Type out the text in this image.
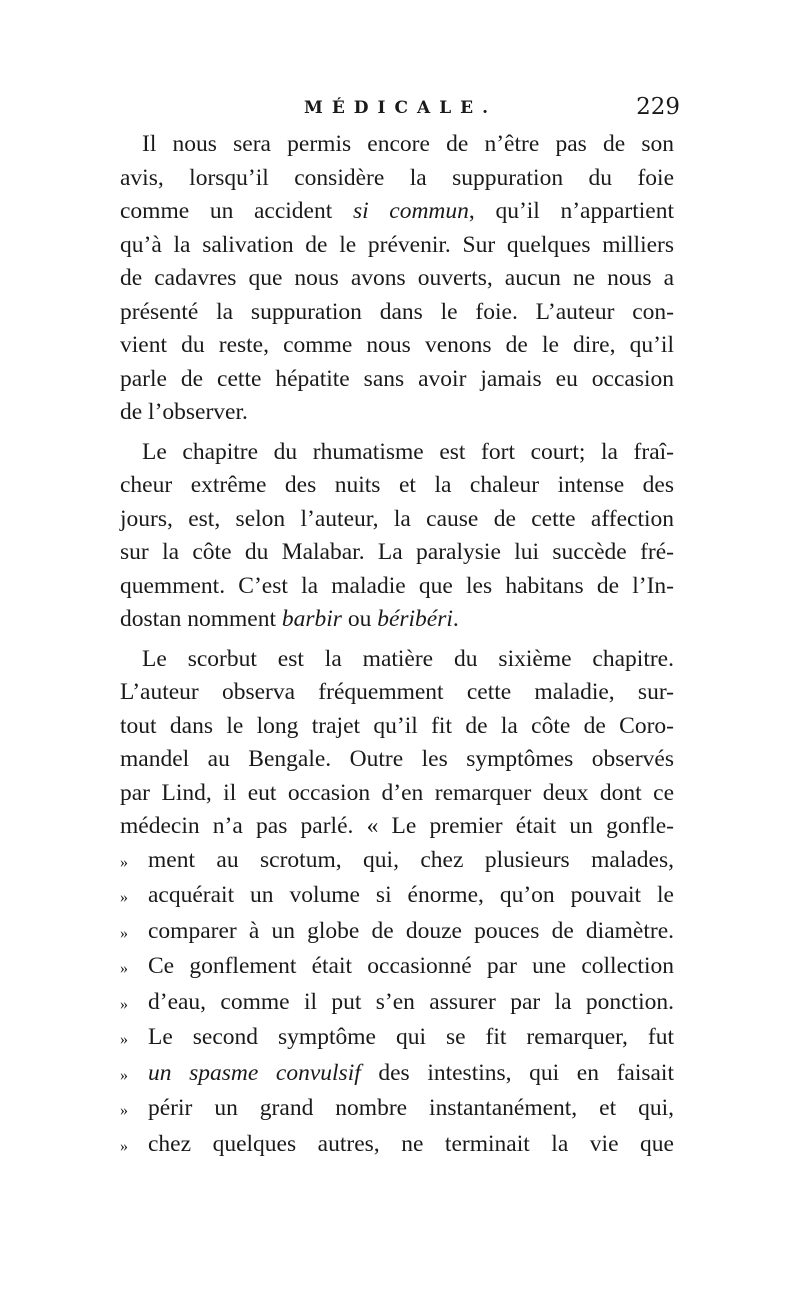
MÉDICALE.	229
Il nous sera permis encore de n’être pas de son
avis, lorsqu’il considère la suppuration du foie
comme un accident si commun, qu’il n’appartient
qu’à la salivation de le prévenir. Sur quelques milliers
de cadavres que nous avons ouverts, aucun ne nous a
présenté la suppuration dans le foie. L’auteur con-
vient du reste, comme nous venons de le dire, qu’il
parle de cette hépatite sans avoir jamais eu occasion
de l’observer.
Le chapitre du rhumatisme est fort court; la fraî-
cheur extrême des nuits et la chaleur intense des
jours, est, selon l’auteur, la cause de cette affection
sur la côte du Malabar. La paralysie lui succède fré-
quemment. C’est la maladie que les habitans de l’In-
dostan nomment barbir ou béribéri.
Le scorbut est la matière du sixième chapitre.
L’auteur observa fréquemment cette maladie, sur-
tout dans le long trajet qu’il fit de la côte de Coro-
mandel au Bengale. Outre les symptômes observés
par Lind, il eut occasion d’en remarquer deux dont ce
médecin n’a pas parlé. « Le premier était un gonfle-
» ment au scrotum, qui, chez plusieurs malades,
» acquérait un volume si énorme, qu’on pouvait le
» comparer à un globe de douze pouces de diamètre.
» Ce gonflement était occasionné par une collection
» d’eau, comme il put s’en assurer par la ponction.
» Le second symptôme qui se fit remarquer, fut
» un spasme convulsif des intestins, qui en faisait
» périr un grand nombre instantanément, et qui,
» chez quelques autres, ne terminait la vie que
